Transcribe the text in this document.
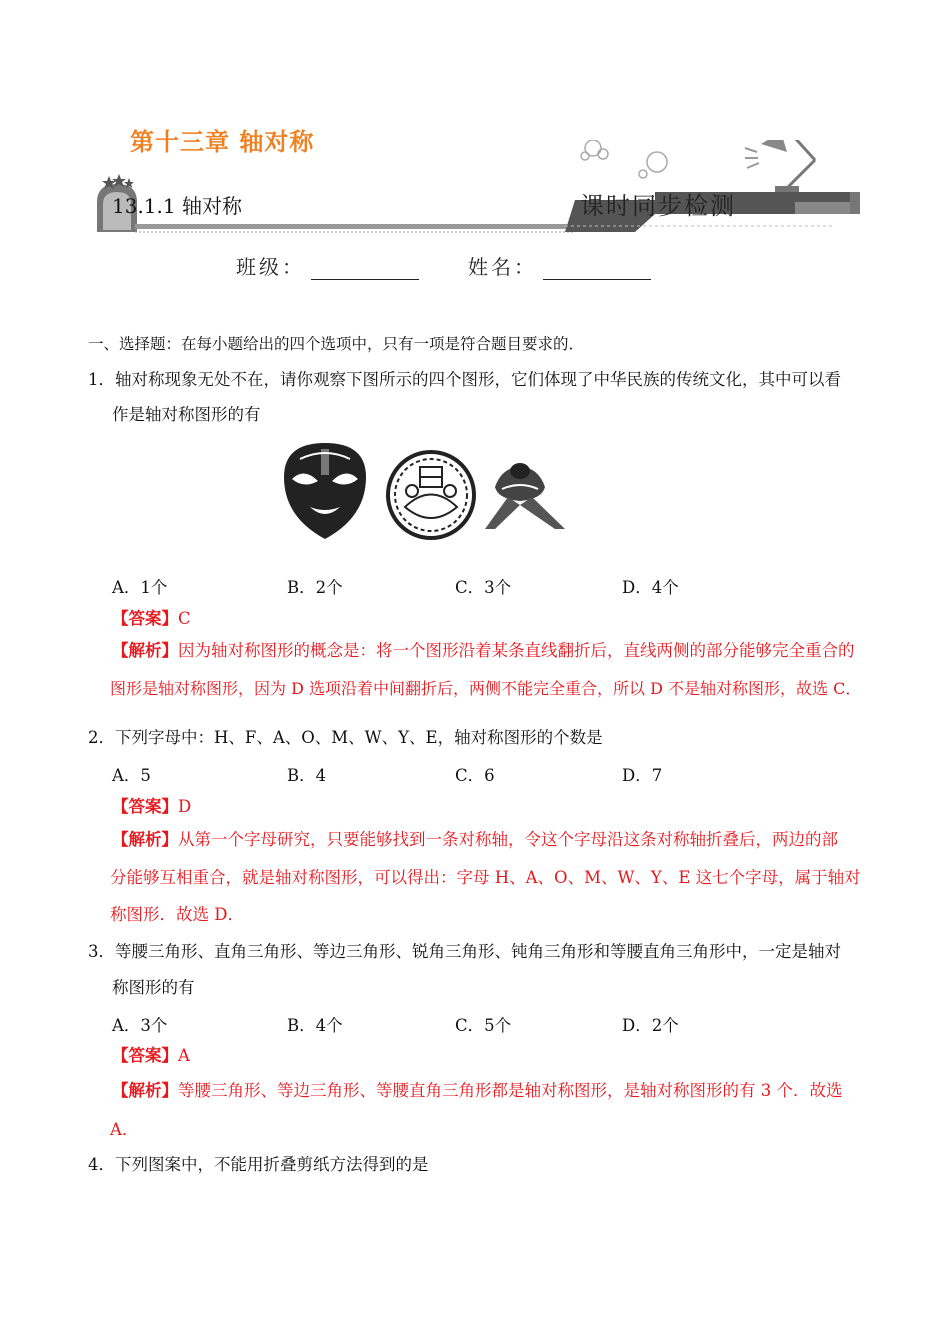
第十三章 轴对称
13.1.1 轴对称	课时同步检测
班级：	姓名：
一、选择题：在每小题给出的四个选项中，只有一项是符合题目要求的．
1．轴对称现象无处不在，请你观察下图所示的四个图形，它们体现了中华民族的传统文化，其中可以看
作是轴对称图形的有
A．1个	B．2个	C．3个	D．4个
【答案】C
【解析】因为轴对称图形的概念是：将一个图形沿着某条直线翻折后，直线两侧的部分能够完全重合的
图形是轴对称图形，因为 D 选项沿着中间翻折后，两侧不能完全重合，所以 D 不是轴对称图形，故选 C．
2．下列字母中：H、F、A、O、M、W、Y、E，轴对称图形的个数是
A．5	B．4	C．6	D．7
【答案】D
【解析】从第一个字母研究，只要能够找到一条对称轴，令这个字母沿这条对称轴折叠后，两边的部
分能够互相重合，就是轴对称图形，可以得出：字母 H、A、O、M、W、Y、E 这七个字母，属于轴对
称图形．故选 D．
3．等腰三角形、直角三角形、等边三角形、锐角三角形、钝角三角形和等腰直角三角形中，一定是轴对
称图形的有
A．3个	B．4个	C．5个	D．2个
【答案】A
【解析】等腰三角形、等边三角形、等腰直角三角形都是轴对称图形，是轴对称图形的有 3 个．故选
A．
4．下列图案中，不能用折叠剪纸方法得到的是
